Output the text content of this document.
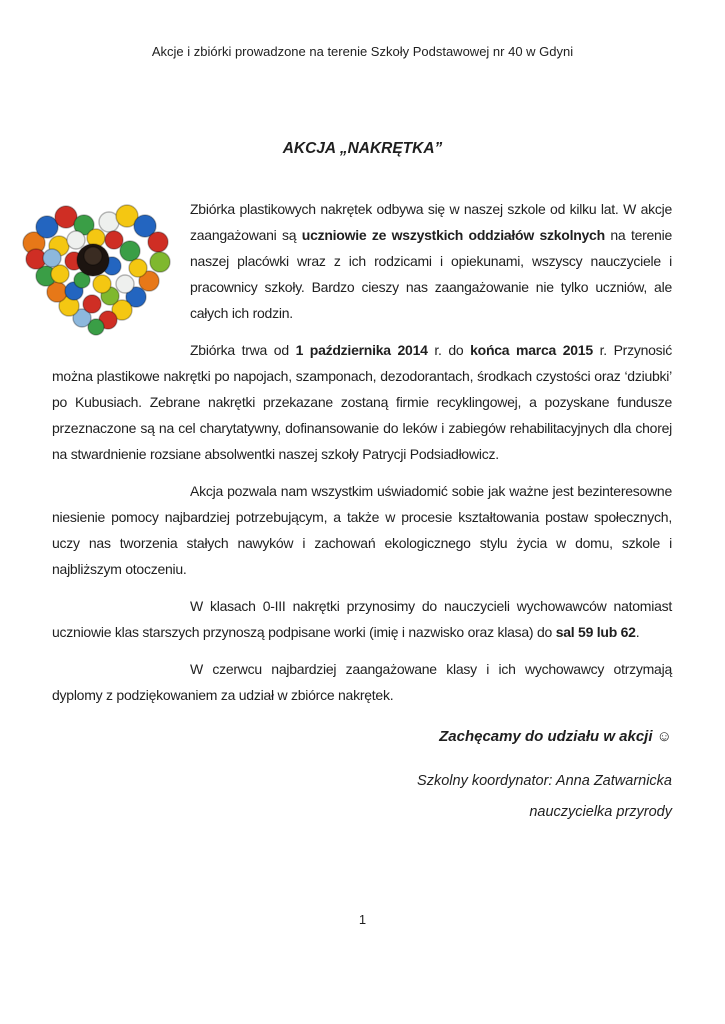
Akcje i zbiórki prowadzone na terenie Szkoły Podstawowej nr 40 w Gdyni
AKCJA „NAKRĘTKA”

Zbiórka plastikowych nakrętek odbywa się w naszej szkole od kilku lat. W akcje zaangażowani są uczniowie ze wszystkich oddziałów szkolnych na terenie naszej placówki wraz z ich rodzicami i opiekunami, wszyscy nauczyciele i pracownicy szkoły. Bardzo cieszy nas zaangażowanie nie tylko uczniów, ale całych ich rodzin.

Zbiórka trwa od 1 października 2014 r. do końca marca 2015 r. Przynosić można plastikowe nakrętki po napojach, szamponach, dezodorantach, środkach czystości oraz ‘dziubki’ po Kubusiach. Zebrane nakrętki przekazane zostaną firmie recyklingowej, a pozyskane fundusze przeznaczone są na cel charytatywny, dofinansowanie do leków i zabiegów rehabilitacyjnych dla chorej na stwardnienie rozsiane absolwentki naszej szkoły Patrycji Podsiadłowicz.

Akcja pozwala nam wszystkim uświadomić sobie jak ważne jest bezinteresowne niesienie pomocy najbardziej potrzebującym, a także w procesie kształtowania postaw społecznych, uczy nas tworzenia stałych nawyków i zachowań ekologicznego stylu życia w domu, szkole i najbliższym otoczeniu.

W klasach 0-III nakrętki przynosimy do nauczycieli wychowawców natomiast uczniowie klas starszych przynoszą podpisane worki (imię i nazwisko oraz klasa) do sal 59 lub 62.

W czerwcu najbardziej zaangażowane klasy i ich wychowawcy otrzymają dyplomy z podziękowaniem za udział w zbiórce nakrętek.

Zachęcamy do udziału w akcji ☺

Szkolny koordynator: Anna Zatwarnicka

nauczycielka przyrody

1
